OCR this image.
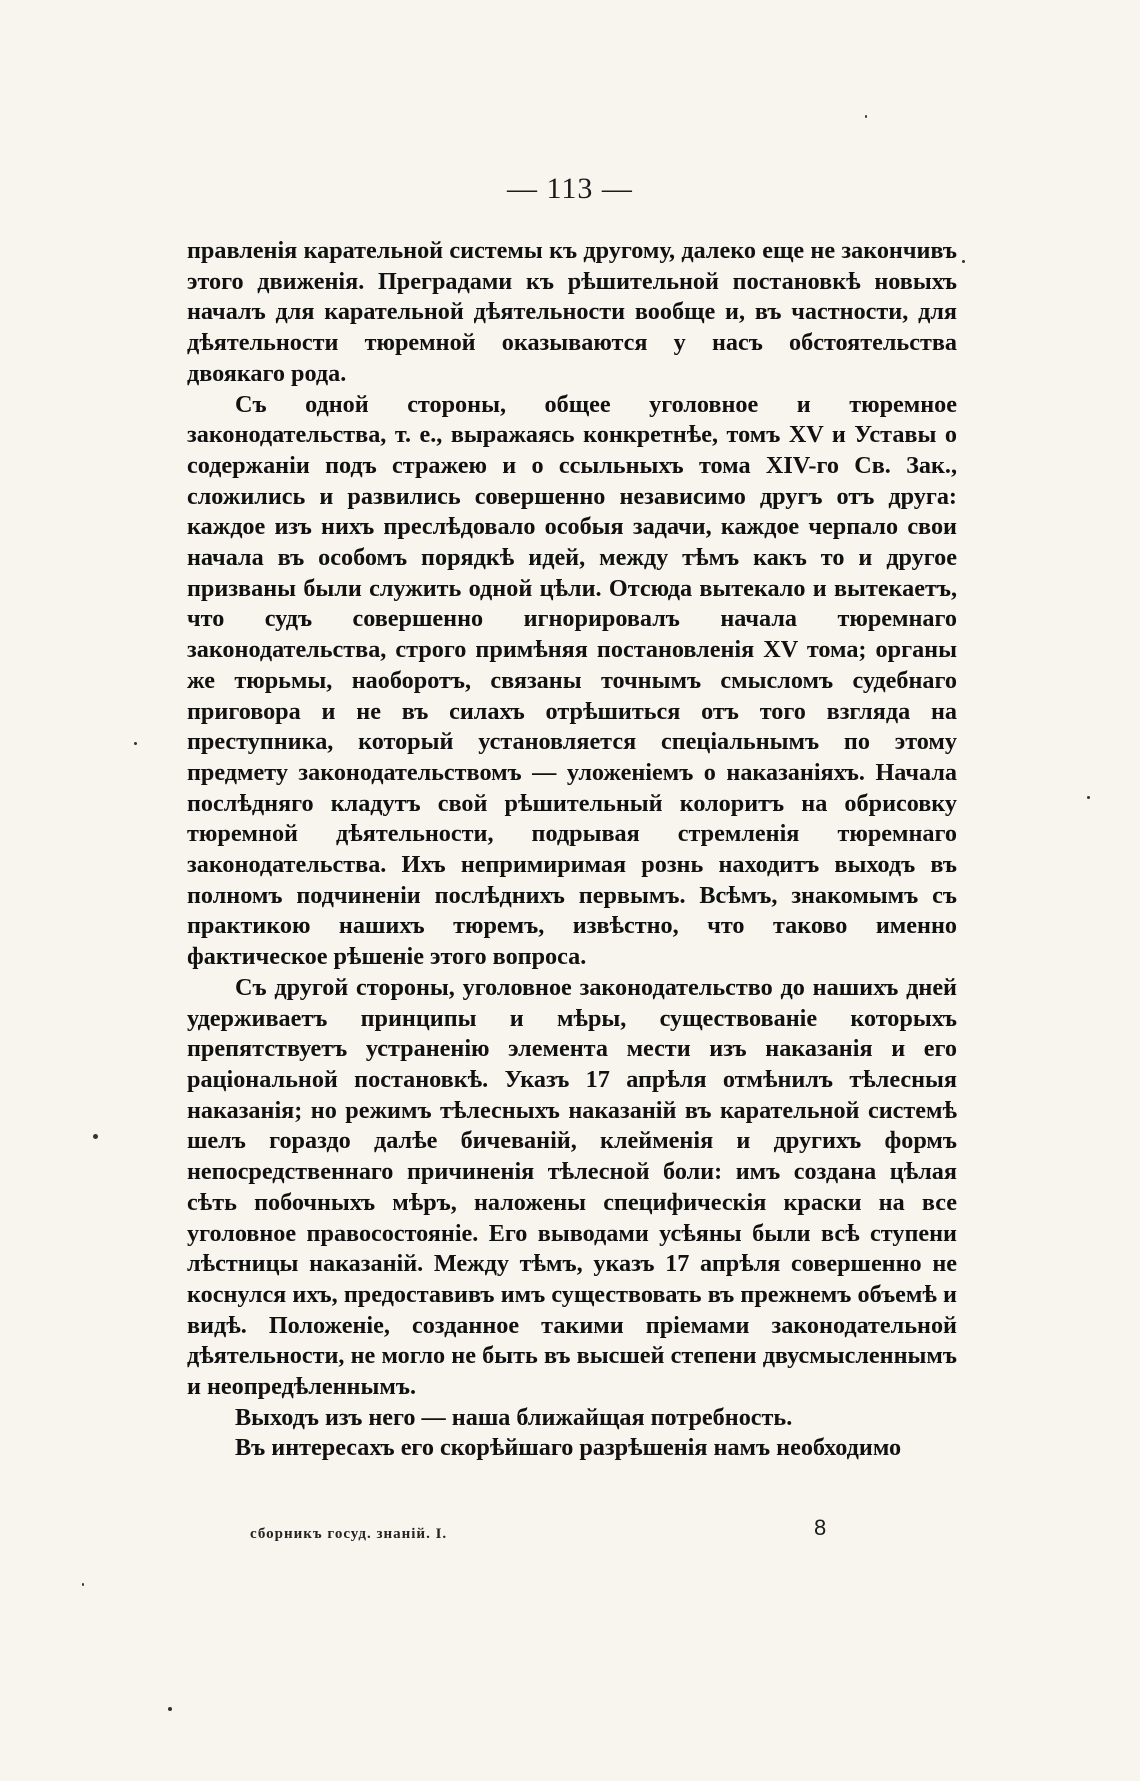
— 113 —

правленія карательной системы къ другому, далеко еще не закончивъ этого движенія. Преградами къ рѣшительной постановкѣ новыхъ началъ для карательной дѣятельности вообще и, въ частности, для дѣятельности тюремной оказываются у насъ обстоятельства двоякаго рода.

Съ одной стороны, общее уголовное и тюремное законодательства, т. е., выражаясь конкретнѣе, томъ XV и Уставы о содержаніи подъ стражею и о ссыльныхъ тома XIV-го Св. Зак., сложились и развились совершенно независимо другъ отъ друга: каждое изъ нихъ преслѣдовало особыя задачи, каждое черпало свои начала въ особомъ порядкѣ идей, между тѣмъ какъ то и другое призваны были служить одной цѣли. Отсюда вытекало и вытекаетъ, что судъ совершенно игнорировалъ начала тюремнаго законодательства, строго примѣняя постановленія XV тома; органы же тюрьмы, наоборотъ, связаны точнымъ смысломъ судебнаго приговора и не въ силахъ отрѣшиться отъ того взгляда на преступника, который установляется спеціальнымъ по этому предмету законодательствомъ — уложеніемъ о наказаніяхъ. Начала послѣдняго кладутъ свой рѣшительный колоритъ на обрисовку тюремной дѣятельности, подрывая стремленія тюремнаго законодательства. Ихъ непримиримая рознь находитъ выходъ въ полномъ подчиненіи послѣднихъ первымъ. Всѣмъ, знакомымъ съ практикою нашихъ тюремъ, извѣстно, что таково именно фактическое рѣшеніе этого вопроса.

Съ другой стороны, уголовное законодательство до нашихъ дней удерживаетъ принципы и мѣры, существованіе которыхъ препятствуетъ устраненію элемента мести изъ наказанія и его раціональной постановкѣ. Указъ 17 апрѣля отмѣнилъ тѣлесныя наказанія; но режимъ тѣлесныхъ наказаній въ карательной системѣ шелъ гораздо далѣе бичеваній, клейменія и другихъ формъ непосредственнаго причиненія тѣлесной боли: имъ создана цѣлая сѣть побочныхъ мѣръ, наложены специфическія краски на все уголовное правосостояніе. Его выводами усѣяны были всѣ ступени лѣстницы наказаній. Между тѣмъ, указъ 17 апрѣля совершенно не коснулся ихъ, предоставивъ имъ существовать въ прежнемъ объемѣ и видѣ. Положеніе, созданное такими пріемами законодательной дѣятельности, не могло не быть въ высшей степени двусмысленнымъ и неопредѣленнымъ.

Выходъ изъ него — наша ближайщая потребность.

Въ интересахъ его скорѣйшаго разрѣшенія намъ необходимо

сборникъ госуд. знаній. I.	8
